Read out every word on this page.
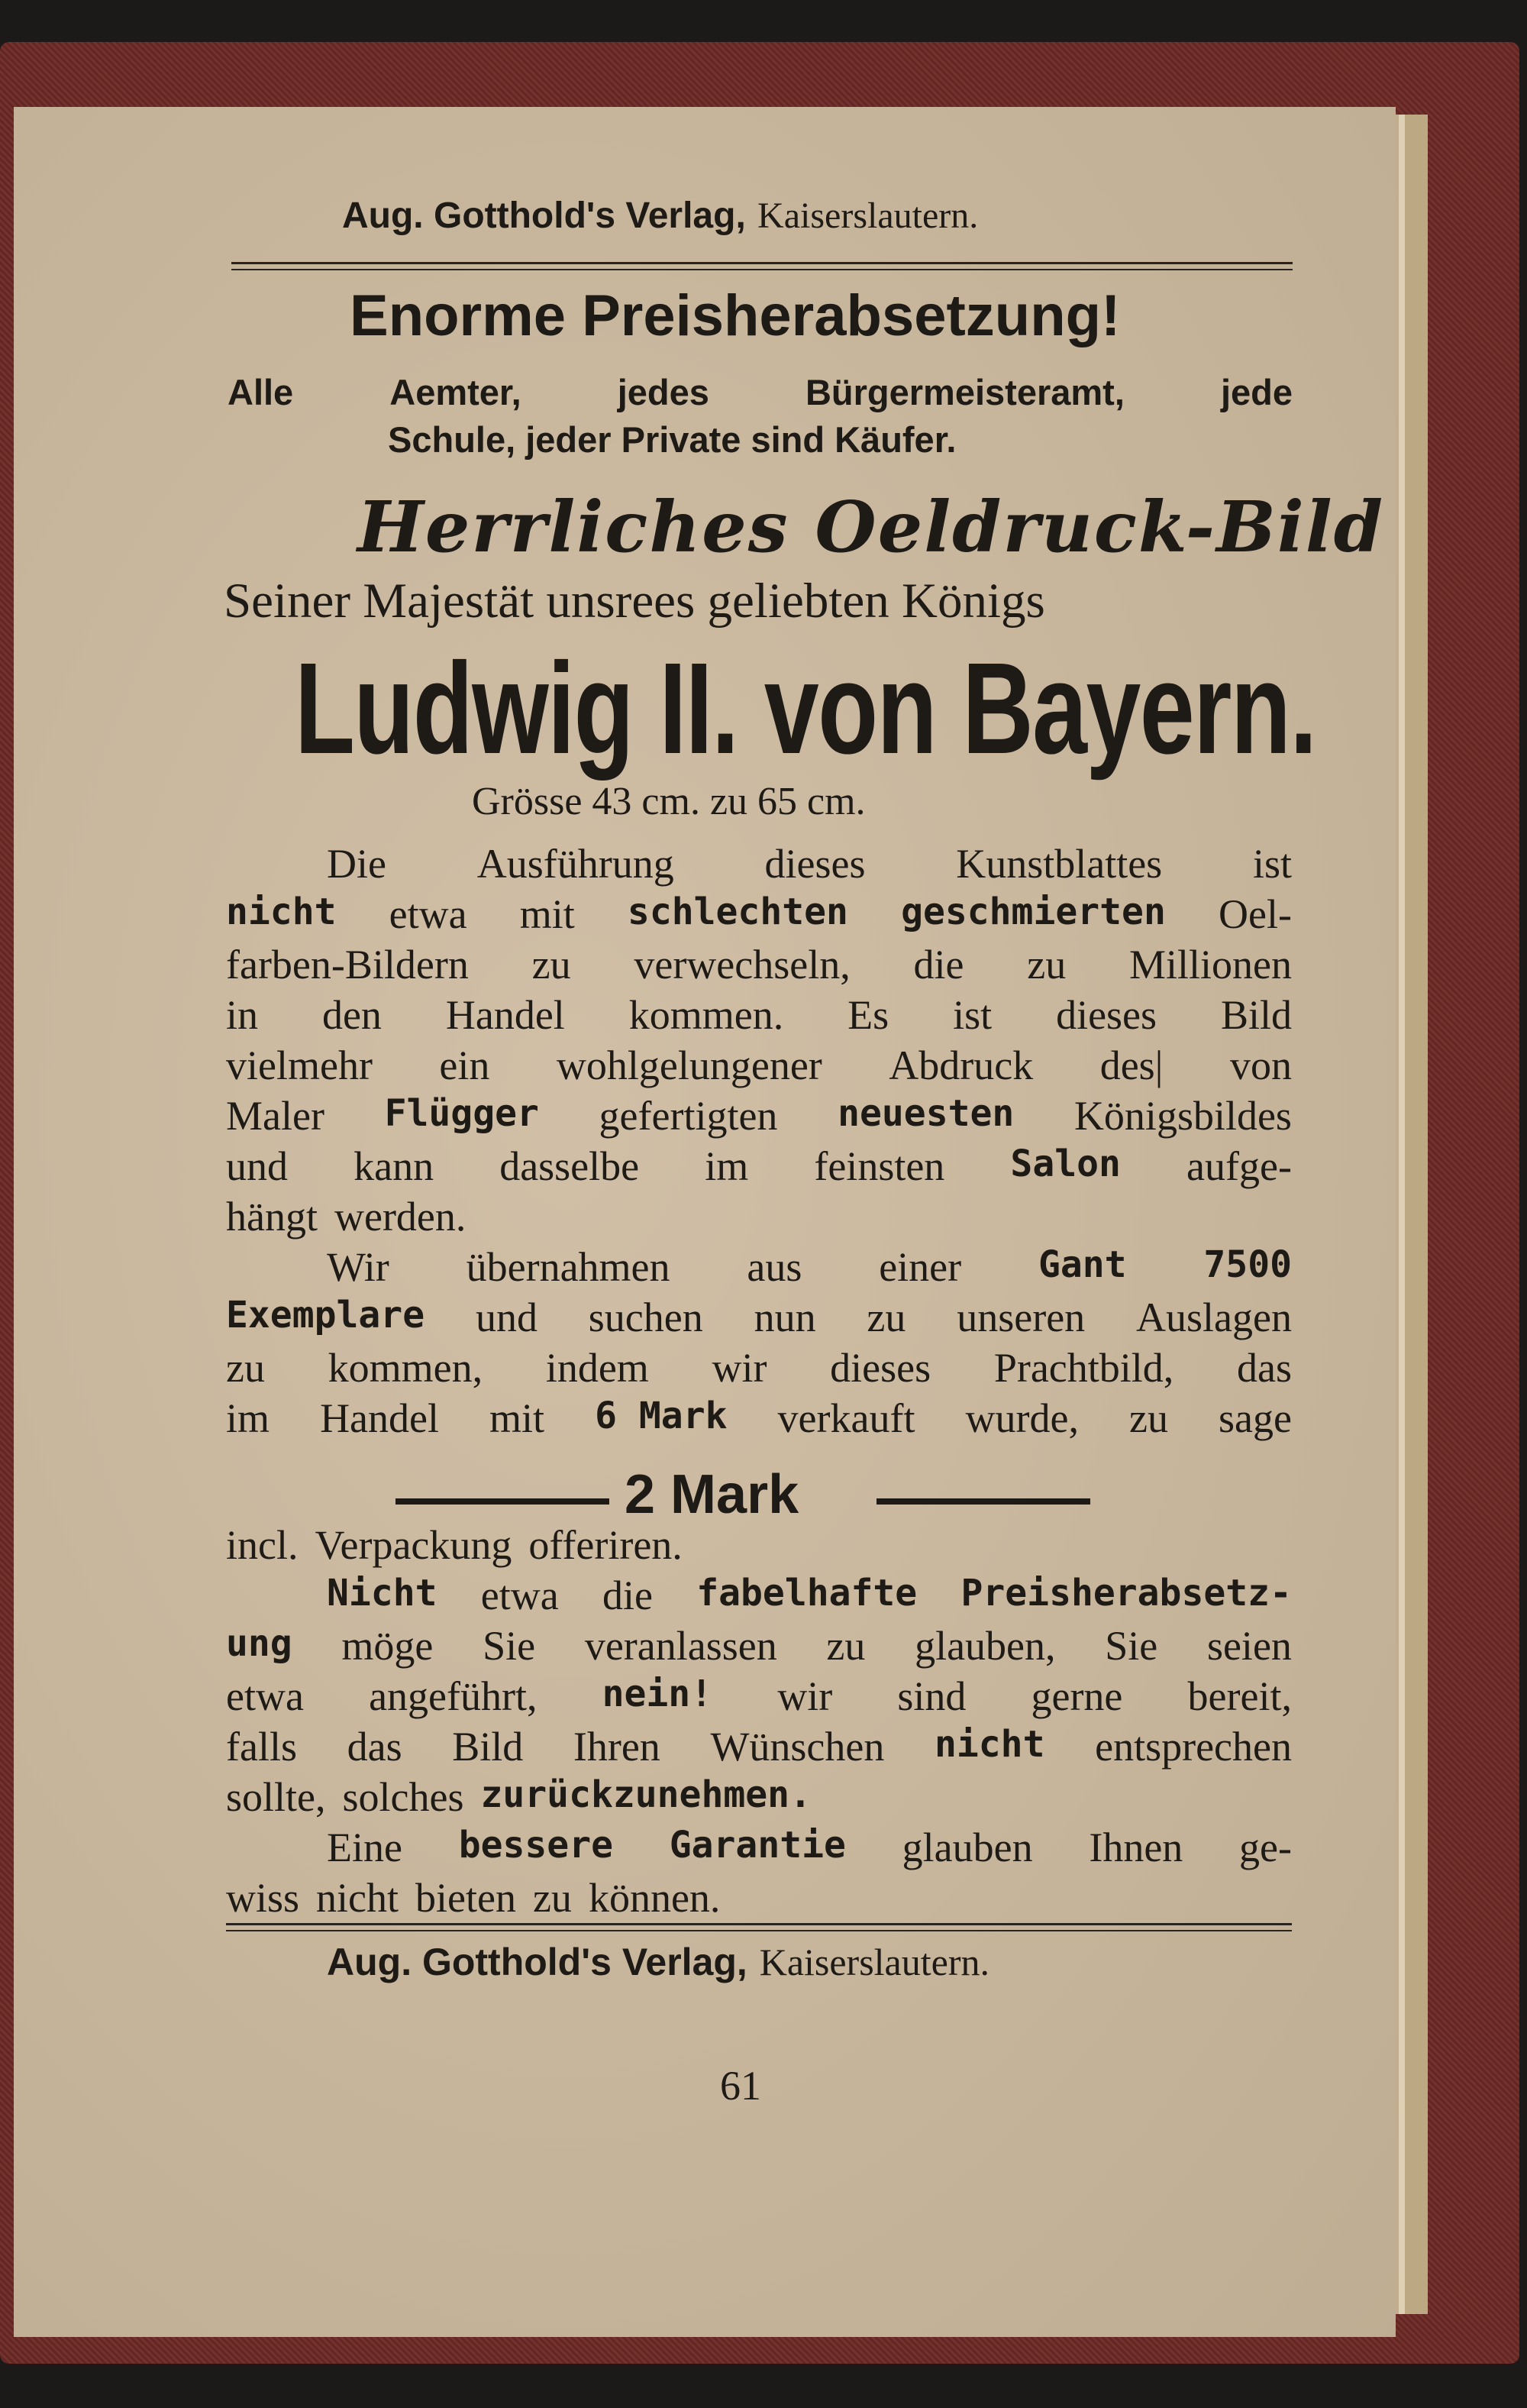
Aug. Gotthold's Verlag, Kaiserslautern.
Enorme Preisherabsetzung!
Alle	Aemter,	jedes	Bürgermeisteramt,	jede
Schule, jeder Private sind Käufer.
Herrliches Oeldruck-Bild
Seiner Majestät unsrees geliebten Königs
Ludwig II. von Bayern.
Grösse 43 cm. zu 65 cm.
Die Ausführung dieses Kunstblattes ist
nicht etwa mit schlechten geschmierten Oel-
farben-Bildern zu verwechseln, die zu Millionen
in den Handel kommen. Es ist dieses Bild
vielmehr ein wohlgelungener Abdruck des| von
Maler Flügger gefertigten neuesten Königsbildes
und kann dasselbe im feinsten Salon aufge-
hängt werden.
Wir übernahmen aus einer Gant 7500
Exemplare und suchen nun zu unseren Auslagen
zu kommen, indem wir dieses Prachtbild, das
im Handel mit 6 Mark verkauft wurde, zu sage
2 Mark
incl. Verpackung offeriren.
Nicht etwa die fabelhafte Preisherabsetz-
ung möge Sie veranlassen zu glauben, Sie seien
etwa angeführt, nein! wir sind gerne bereit,
falls das Bild Ihren Wünschen nicht entsprechen
sollte, solches zurückzunehmen.
Eine bessere Garantie glauben Ihnen ge-
wiss nicht bieten zu können.
Aug. Gotthold's Verlag, Kaiserslautern.
61
